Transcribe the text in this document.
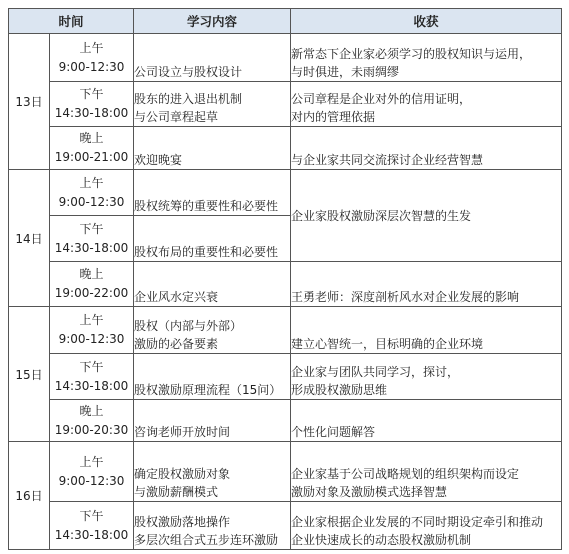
时间		学习内容	收获
13日	上午
9:00-12:30	公司设立与股权设计	新常态下企业家必须学习的股权知识与运用，
与时俱进，未雨绸缪

	下午
14:30-18:00	股东的进入退出机制
与公司章程起草	公司章程是企业对外的信用证明，
对内的管理依据

	晚上
19:00-21:00	欢迎晚宴	与企业家共同交流探讨企业经营智慧
14日	上午
9:00-12:30	股权统筹的重要性和必要性	企业家股权激励深层次智慧的生发

	下午
14:30-18:00	股权布局的重要性和必要性	

	晚上
19:00-22:00	企业风水定兴衰	王勇老师：深度剖析风水对企业发展的影响
15日	上午
9:00-12:30	股权（内部与外部）
激励的必备要素	建立心智统一，目标明确的企业环境

	下午
14:30-18:00	股权激励原理流程（15问）	企业家与团队共同学习，探讨，
形成股权激励思维

	晚上
19:00-20:30	咨询老师开放时间	个性化问题解答
16日	上午
9:00-12:30	确定股权激励对象
与激励薪酬模式	企业家基于公司战略规划的组织架构而设定
激励对象及激励模式选择智慧

	下午
14:30-18:00	股权激励落地操作
多层次组合式五步连环激励	企业家根据企业发展的不同时期设定牵引和推动
企业快速成长的动态股权激励机制
